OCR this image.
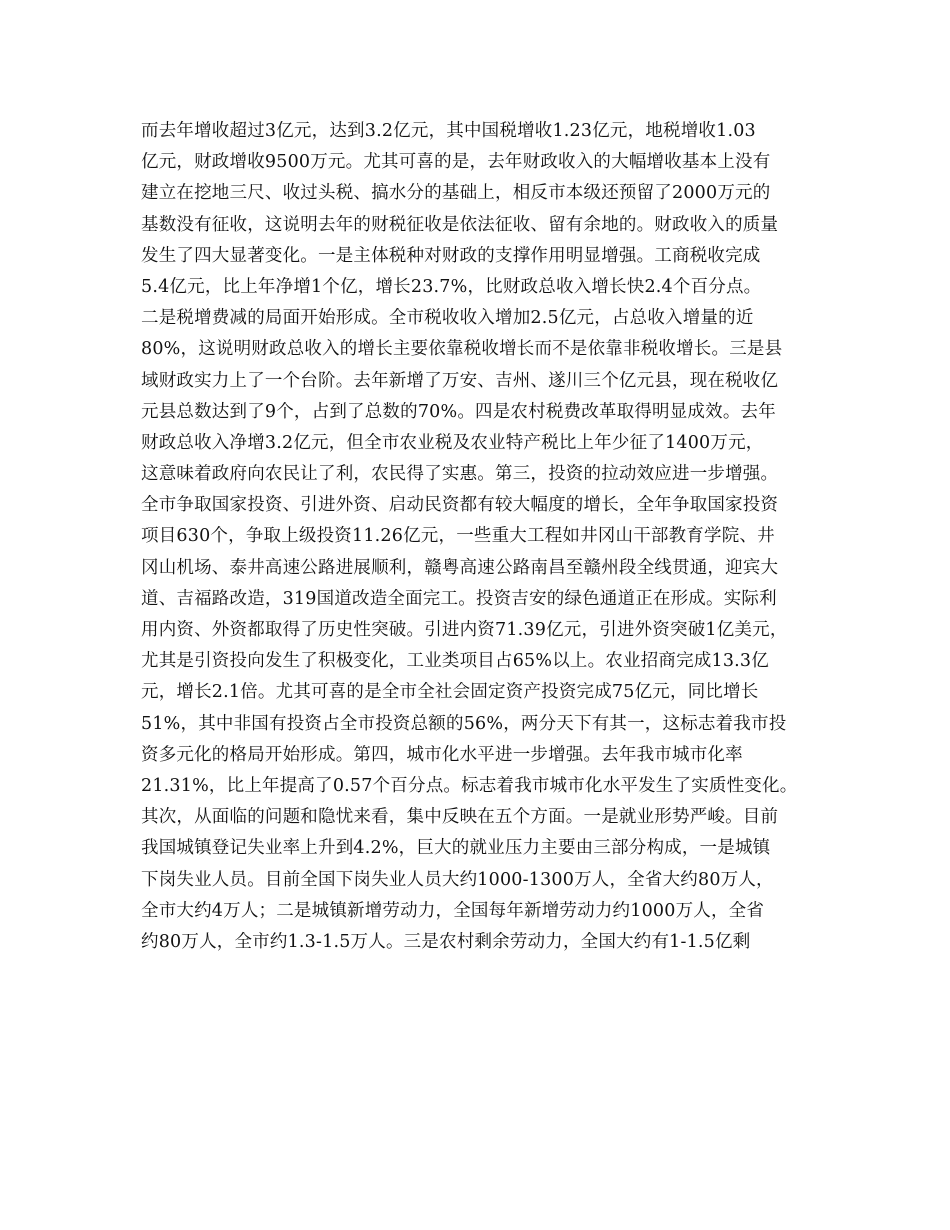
而去年增收超过3亿元，达到3.2亿元，其中国税增收1.23亿元，地税增收1.03
亿元，财政增收9500万元。尤其可喜的是，去年财政收入的大幅增收基本上没有
建立在挖地三尺、收过头税、搞水分的基础上，相反市本级还预留了2000万元的
基数没有征收，这说明去年的财税征收是依法征收、留有余地的。财政收入的质量
发生了四大显著变化。一是主体税种对财政的支撑作用明显增强。工商税收完成
5.4亿元，比上年净增1个亿，增长23.7%，比财政总收入增长快2.4个百分点。
二是税增费减的局面开始形成。全市税收收入增加2.5亿元，占总收入增量的近
80%，这说明财政总收入的增长主要依靠税收增长而不是依靠非税收增长。三是县
域财政实力上了一个台阶。去年新增了万安、吉州、遂川三个亿元县，现在税收亿
元县总数达到了9个，占到了总数的70%。四是农村税费改革取得明显成效。去年
财政总收入净增3.2亿元，但全市农业税及农业特产税比上年少征了1400万元，
这意味着政府向农民让了利，农民得了实惠。第三，投资的拉动效应进一步增强。
全市争取国家投资、引进外资、启动民资都有较大幅度的增长，全年争取国家投资
项目630个，争取上级投资11.26亿元，一些重大工程如井冈山干部教育学院、井
冈山机场、泰井高速公路进展顺利，赣粤高速公路南昌至赣州段全线贯通，迎宾大
道、吉福路改造，319国道改造全面完工。投资吉安的绿色通道正在形成。实际利
用内资、外资都取得了历史性突破。引进内资71.39亿元，引进外资突破1亿美元，
尤其是引资投向发生了积极变化，工业类项目占65%以上。农业招商完成13.3亿
元，增长2.1倍。尤其可喜的是全市全社会固定资产投资完成75亿元，同比增长
51%，其中非国有投资占全市投资总额的56%，两分天下有其一，这标志着我市投
资多元化的格局开始形成。第四，城市化水平进一步增强。去年我市城市化率
21.31%，比上年提高了0.57个百分点。标志着我市城市化水平发生了实质性变化。
其次，从面临的问题和隐忧来看，集中反映在五个方面。一是就业形势严峻。目前
我国城镇登记失业率上升到4.2%，巨大的就业压力主要由三部分构成，一是城镇
下岗失业人员。目前全国下岗失业人员大约1000-1300万人，全省大约80万人，
全市大约4万人；二是城镇新增劳动力，全国每年新增劳动力约1000万人，全省
约80万人，全市约1.3-1.5万人。三是农村剩余劳动力，全国大约有1-1.5亿剩
